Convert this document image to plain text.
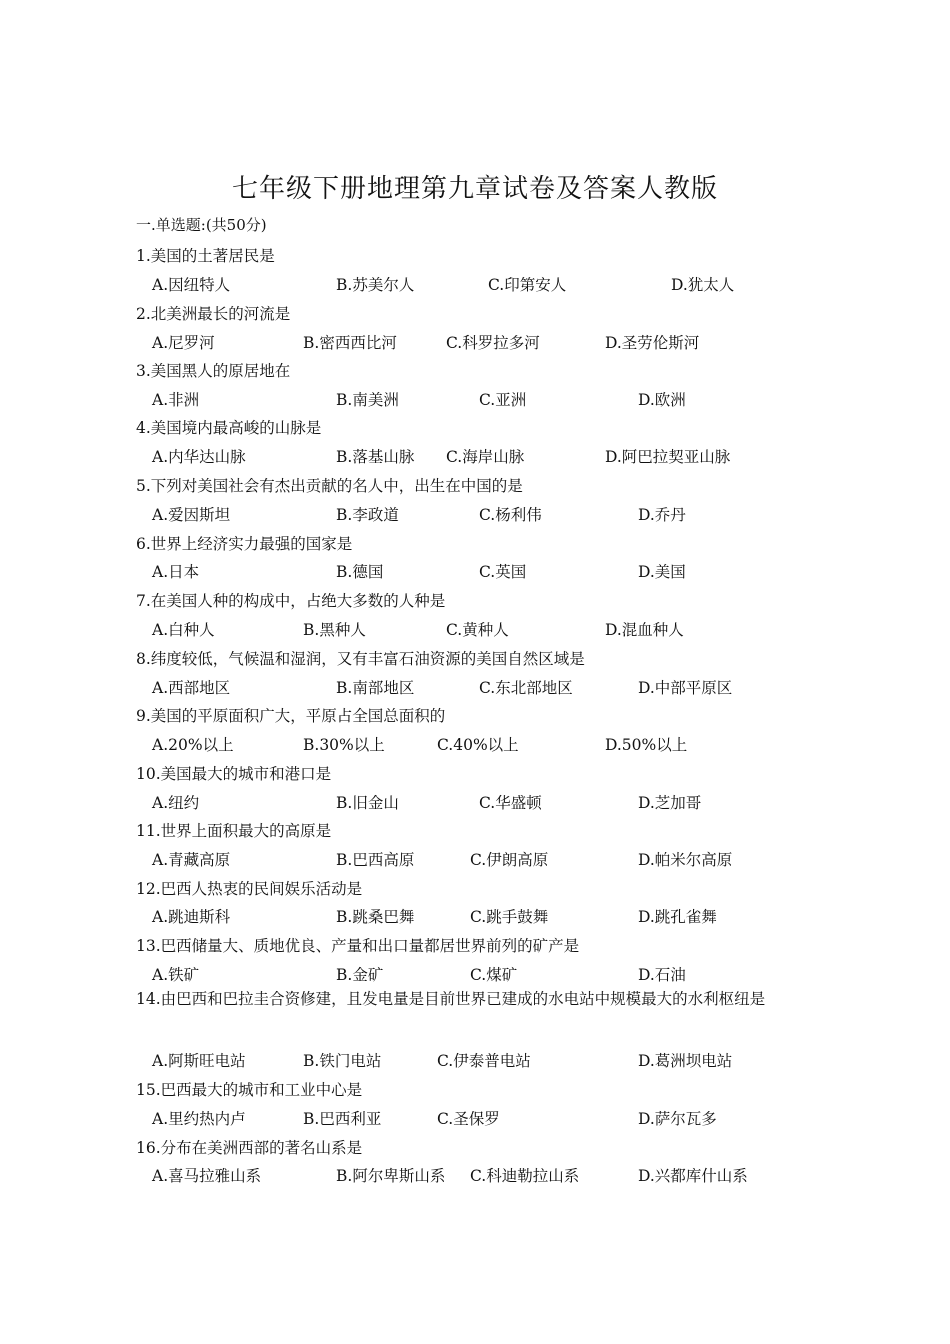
七年级下册地理第九章试卷及答案人教版
一.单选题:(共50分)
1.美国的土著居民是
A.因纽特人	B.苏美尔人	C.印第安人	D.犹太人
2.北美洲最长的河流是
A.尼罗河	B.密西西比河	C.科罗拉多河	D.圣劳伦斯河
3.美国黑人的原居地在
A.非洲	B.南美洲	C.亚洲	D.欧洲
4.美国境内最高峻的山脉是
A.内华达山脉	B.落基山脉 C.海岸山脉	D.阿巴拉契亚山脉
5.下列对美国社会有杰出贡献的名人中，出生在中国的是
A.爱因斯坦	B.李政道	C.杨利伟	D.乔丹
6.世界上经济实力最强的国家是
A.日本	B.德国	C.英国	D.美国
7.在美国人种的构成中，占绝大多数的人种是
A.白种人	B.黑种人	C.黄种人	D.混血种人
8.纬度较低，气候温和湿润，又有丰富石油资源的美国自然区域是
A.西部地区	B.南部地区	C.东北部地区	D.中部平原区
9.美国的平原面积广大，平原占全国总面积的
A.20%以上	B.30%以上	C.40%以上	D.50%以上
10.美国最大的城市和港口是
A.纽约	B.旧金山	C.华盛顿	D.芝加哥
11.世界上面积最大的高原是
A.青藏高原	B.巴西高原	C.伊朗高原	D.帕米尔高原
12.巴西人热衷的民间娱乐活动是
A.跳迪斯科	B.跳桑巴舞	C.跳手鼓舞	D.跳孔雀舞
13.巴西储量大、质地优良、产量和出口量都居世界前列的矿产是
A.铁矿	B.金矿	C.煤矿	D.石油
14.由巴西和巴拉圭合资修建，且发电量是目前世界已建成的水电站中规模最大的水利枢纽是
A.阿斯旺电站	B.铁门电站	C.伊泰普电站	D.葛洲坝电站
15.巴西最大的城市和工业中心是
A.里约热内卢	B.巴西利亚	C.圣保罗	D.萨尔瓦多
16.分布在美洲西部的著名山系是
A.喜马拉雅山系	B.阿尔卑斯山系 C.科迪勒拉山系	D.兴都库什山系
